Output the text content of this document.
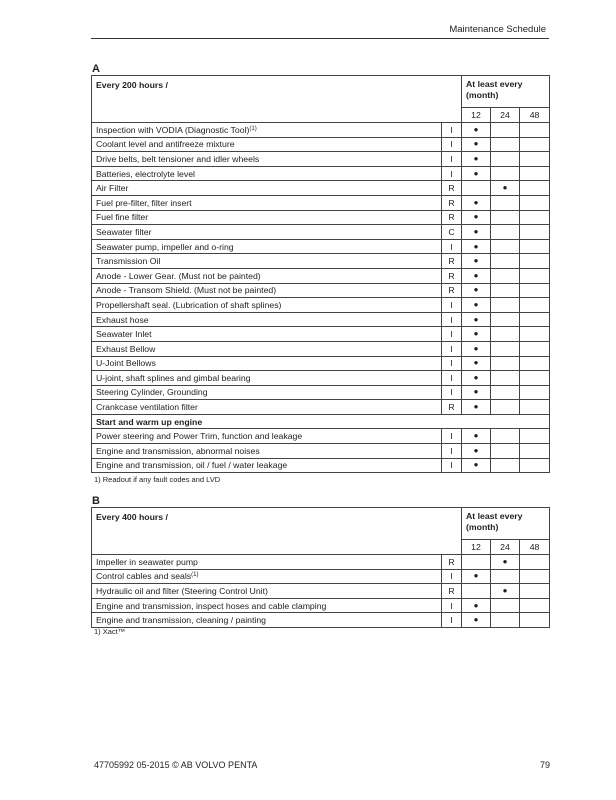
Maintenance Schedule
A
Every 200 hours /		At least every (month)		
		12	24	48
Inspection with VODIA (Diagnostic Tool)$^{(1)}$	I	●		
Coolant level and antifreeze mixture	I	●		
Drive belts, belt tensioner and idler wheels	I	●		
Batteries, electrolyte level	I	●		
Air Filter	R		●	
Fuel pre-filter, filter insert	R	●		
Fuel fine filter	R	●		
Seawater filter	C	●		
Seawater pump, impeller and o-ring	I	●		
Transmission Oil	R	●		
Anode - Lower Gear. (Must not be painted)	R	●		
Anode - Transom Shield. (Must not be painted)	R	●		
Propellershaft seal. (Lubrication of shaft splines)	I	●		
Exhaust hose	I	●		
Seawater Inlet	I	●		
Exhaust Bellow	I	●		
U-Joint Bellows	I	●		
U-joint, shaft splines and gimbal bearing	I	●		
Steering Cylinder, Grounding	I	●		
Crankcase ventilation filter	R	●		
Start and warm up engine				
Power steering and Power Trim, function and leakage	I	●		
Engine and transmission, abnormal noises	I	●		
Engine and transmission, oil / fuel / water leakage	I	●		
1) Readout if any fault codes and LVD
B
Every 400 hours /		At least every (month)		
		12	24	48
Impeller in seawater pump	R		●	
Control cables and seals$^{(1)}$	I	●		
Hydraulic oil and filter (Steering Control Unit)	R		●	
Engine and transmission, inspect hoses and cable clamping	I	●		
Engine and transmission, cleaning / painting	I	●		
1) Xact™
47705992 05-2015 © AB VOLVO PENTA	79
